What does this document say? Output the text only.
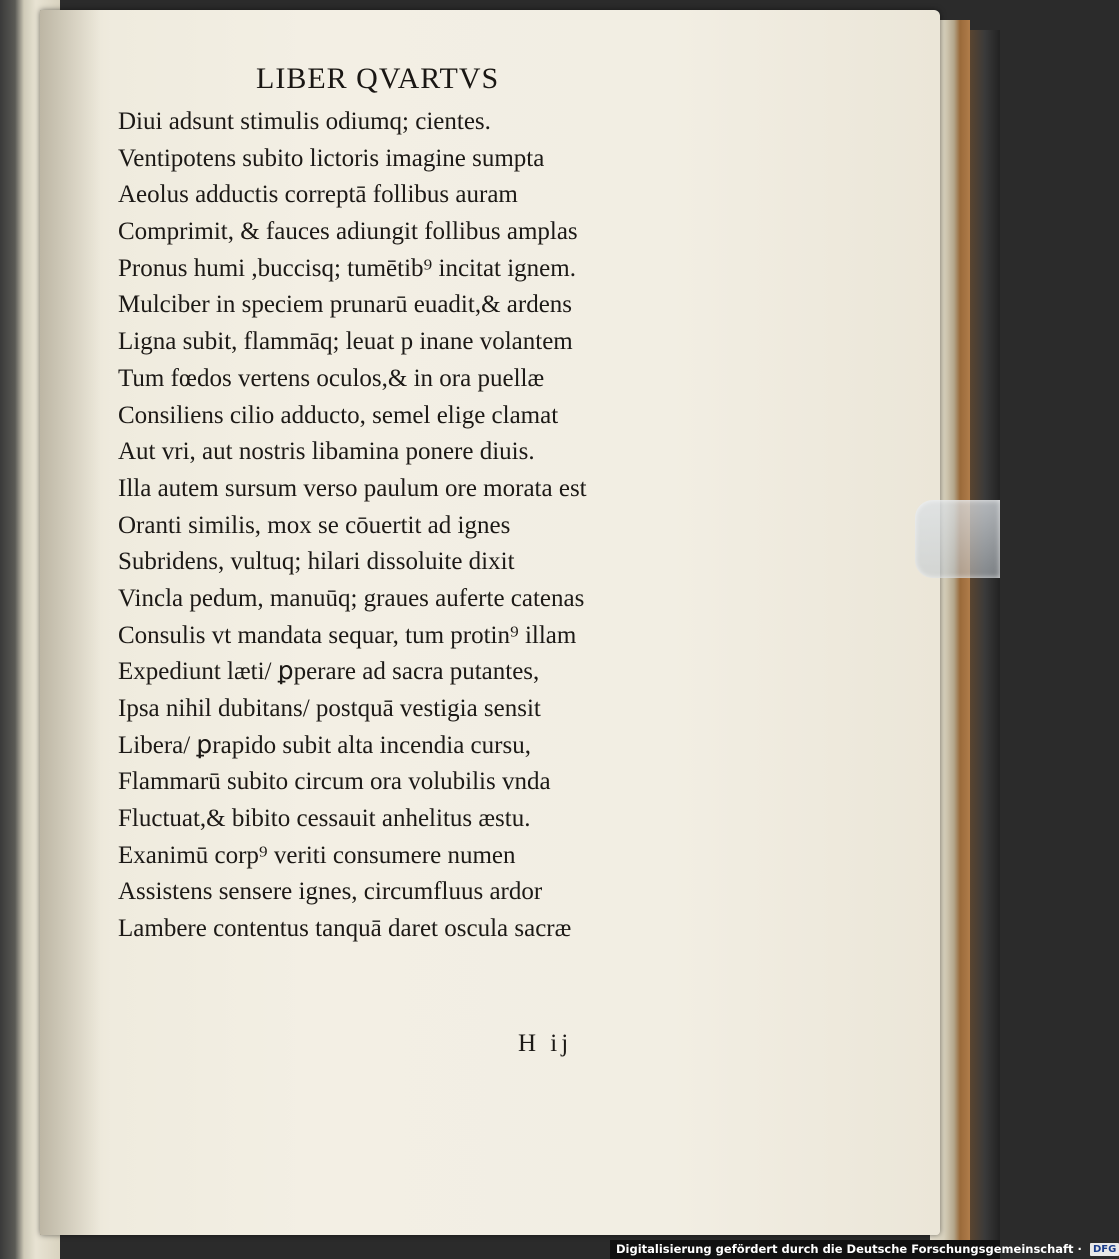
LIBER QVARTVS
Diui adsunt stimulis odiumq; cientes.
Ventipotens subito lictoris imagine sumpta
Aeolus adductis correptā follibus auram
Comprimit, & fauces adiungit follibus amplas
Pronus humi ,buccisq; tumētib⁹ incitat ignem.
Mulciber in speciem prunarū euadit,& ardens
Ligna subit, flammāq; leuat p inane volantem
Tum fœdos vertens oculos,& in ora puellæ
Consiliens cilio adducto, semel elige clamat
Aut vri, aut nostris libamina ponere diuis.
Illa autem sursum verso paulum ore morata est
Oranti similis, mox se cōuertit ad ignes
Subridens, vultuq; hilari dissoluite dixit
Vincla pedum, manuūq; graues auferte catenas
Consulis vt mandata sequar, tum protin⁹ illam
Expediunt læti/ ꝑperare ad sacra putantes,
Ipsa nihil dubitans/ postquā vestigia sensit
Libera/ ꝑrapido subit alta incendia cursu,
Flammarū subito circum ora volubilis vnda
Fluctuat,& bibito cessauit anhelitus æstu.
Exanimū corp⁹ veriti consumere numen
Assistens sensere ignes, circumfluus ardor
Lambere contentus tanquā daret oscula sacræ
H ij
Digitalisierung gefördert durch die Deutsche Forschungsgemeinschaft · DFG
